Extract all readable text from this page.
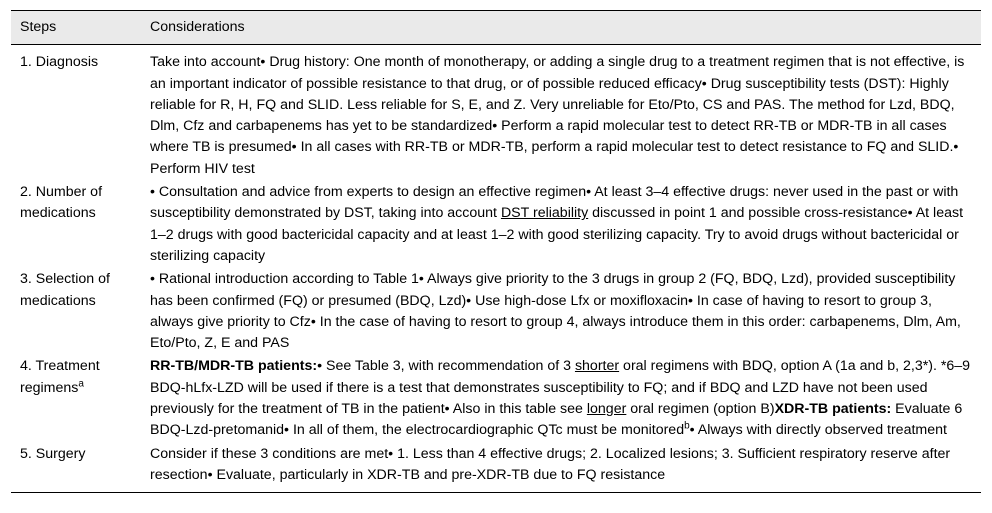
Steps	Considerations
1. Diagnosis	Take into account• Drug history: One month of monotherapy, or adding a single drug to a treatment regimen that is not effective, is an important indicator of possible resistance to that drug, or of possible reduced efficacy• Drug susceptibility tests (DST): Highly reliable for R, H, FQ and SLID. Less reliable for S, E, and Z. Very unreliable for Eto/Pto, CS and PAS. The method for Lzd, BDQ, Dlm, Cfz and carbapenems has yet to be standardized• Perform a rapid molecular test to detect RR-TB or MDR-TB in all cases where TB is presumed• In all cases with RR-TB or MDR-TB, perform a rapid molecular test to detect resistance to FQ and SLID.• Perform HIV test
2. Number of medications	• Consultation and advice from experts to design an effective regimen• At least 3–4 effective drugs: never used in the past or with susceptibility demonstrated by DST, taking into account DST reliability discussed in point 1 and possible cross-resistance• At least 1–2 drugs with good bactericidal capacity and at least 1–2 with good sterilizing capacity. Try to avoid drugs without bactericidal or sterilizing capacity
3. Selection of medications	• Rational introduction according to Table 1• Always give priority to the 3 drugs in group 2 (FQ, BDQ, Lzd), provided susceptibility has been confirmed (FQ) or presumed (BDQ, Lzd)• Use high-dose Lfx or moxifloxacin• In case of having to resort to group 3, always give priority to Cfz• In the case of having to resort to group 4, always introduce them in this order: carbapenems, Dlm, Am, Eto/Pto, Z, E and PAS
4. Treatment regimens$^a$	RR-TB/MDR-TB patients:• See Table 3, with recommendation of 3 shorter oral regimens with BDQ, option A (1a and b, 2,3*). *6–9 BDQ-hLfx-LZD will be used if there is a test that demonstrates susceptibility to FQ; and if BDQ and LZD have not been used previously for the treatment of TB in the patient• Also in this table see longer oral regimen (option B)XDR-TB patients: Evaluate 6 BDQ-Lzd-pretomanid• In all of them, the electrocardiographic QTc must be monitored$^b$• Always with directly observed treatment
5. Surgery	Consider if these 3 conditions are met• 1. Less than 4 effective drugs; 2. Localized lesions; 3. Sufficient respiratory reserve after resection• Evaluate, particularly in XDR-TB and pre-XDR-TB due to FQ resistance
